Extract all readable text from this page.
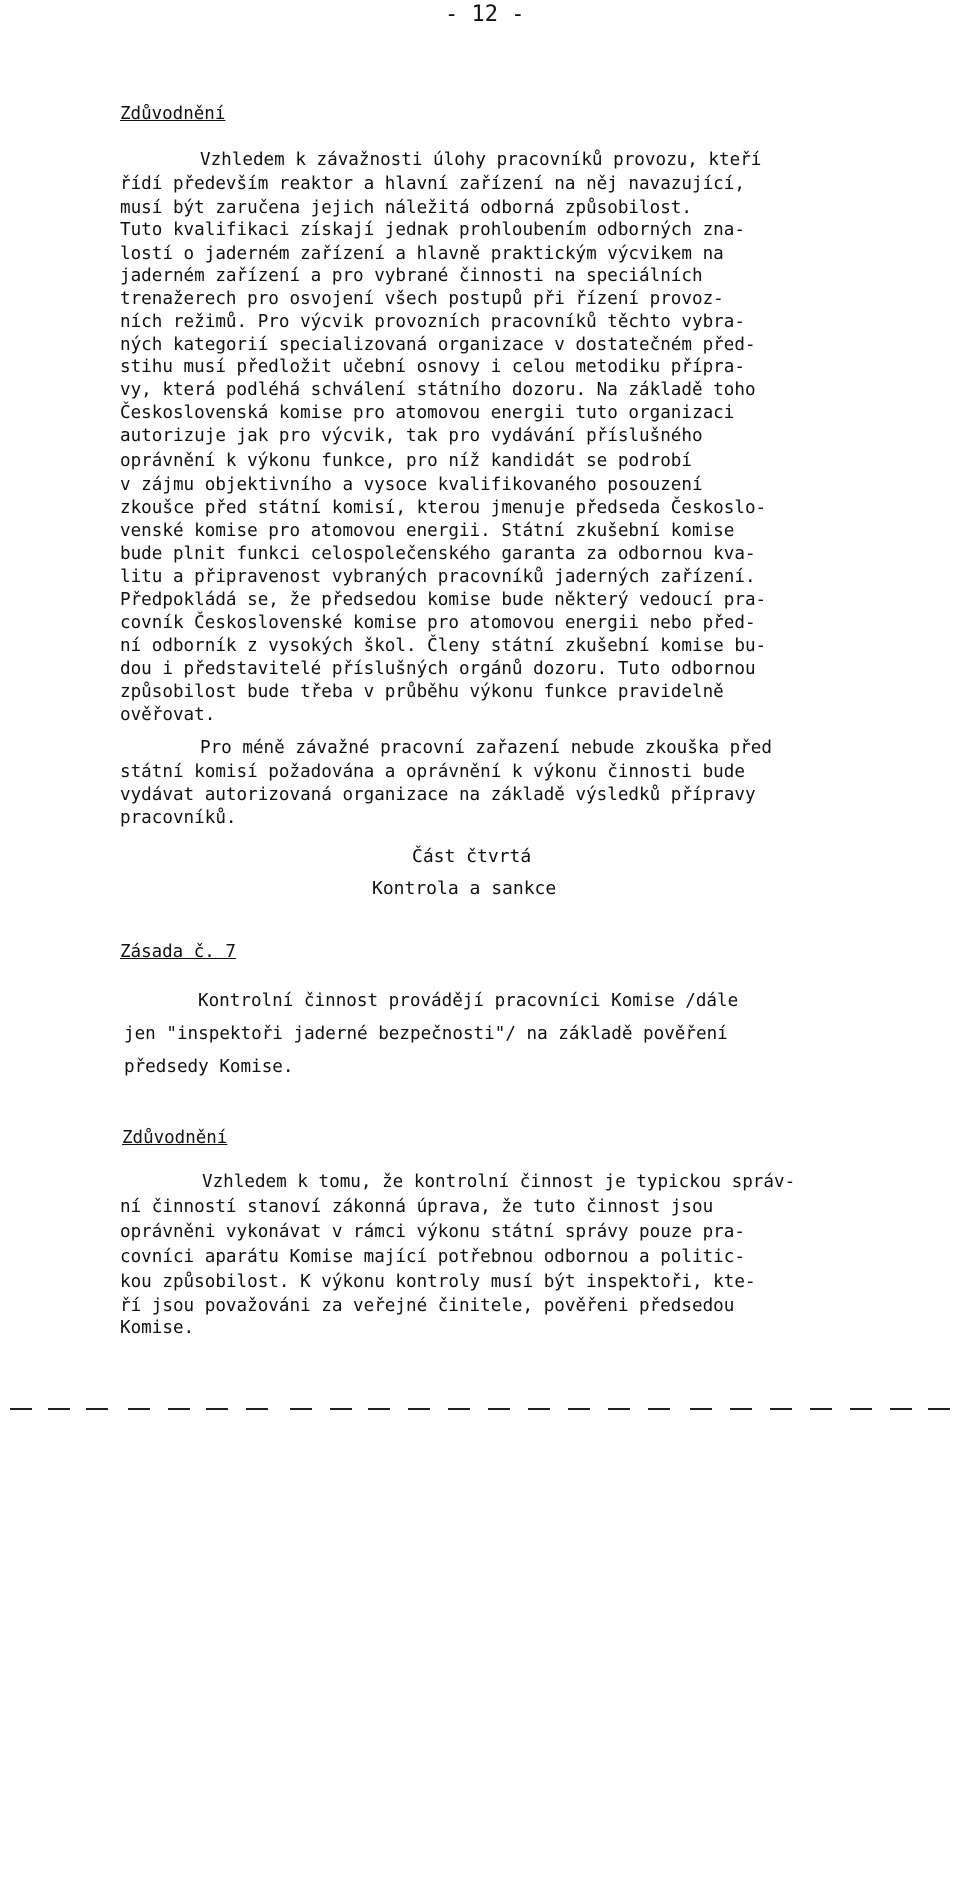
- 12 -
Zdůvodnění
Vzhledem k závažnosti úlohy pracovníků provozu, kteří
řídí především reaktor a hlavní zařízení na něj navazující,
musí být zaručena jejich náležitá odborná způsobilost.
Tuto kvalifikaci získají jednak prohloubením odborných zna-
lostí o jaderném zařízení a hlavně praktickým výcvikem na
jaderném zařízení a pro vybrané činnosti na speciálních
trenažerech pro osvojení všech postupů při řízení provoz-
ních režimů. Pro výcvik provozních pracovníků těchto vybra-
ných kategorií specializovaná organizace v dostatečném před-
stihu musí předložit učební osnovy i celou metodiku přípra-
vy, která podléhá schválení státního dozoru. Na základě toho
Československá komise pro atomovou energii tuto organizaci
autorizuje jak pro výcvik, tak pro vydávání příslušného
oprávnění k výkonu funkce, pro níž kandidát se podrobí
v zájmu objektivního a vysoce kvalifikovaného posouzení
zkoušce před státní komisí, kterou jmenuje předseda Českoslo-
venské komise pro atomovou energii. Státní zkušební komise
bude plnit funkci celospolečenského garanta za odbornou kva-
litu a připravenost vybraných pracovníků jaderných zařízení.
Předpokládá se, že předsedou komise bude některý vedoucí pra-
covník Československé komise pro atomovou energii nebo před-
ní odborník z vysokých škol. Členy státní zkušební komise bu-
dou i představitelé příslušných orgánů dozoru. Tuto odbornou
způsobilost bude třeba v průběhu výkonu funkce pravidelně
ověřovat.
Pro méně závažné pracovní zařazení nebude zkouška před
státní komisí požadována a oprávnění k výkonu činnosti bude
vydávat autorizovaná organizace na základě výsledků přípravy
pracovníků.
Část čtvrtá
Kontrola a sankce
Zásada č. 7
Kontrolní činnost provádějí pracovníci Komise /dále
jen "inspektoři jaderné bezpečnosti"/ na základě pověření
předsedy Komise.
Zdůvodnění
Vzhledem k tomu, že kontrolní činnost je typickou správ-
ní činností stanoví zákonná úprava, že tuto činnost jsou
oprávněni vykonávat v rámci výkonu státní správy pouze pra-
covníci aparátu Komise mající potřebnou odbornou a politic-
kou způsobilost. K výkonu kontroly musí být inspektoři, kte-
ří jsou považováni za veřejné činitele, pověřeni předsedou
Komise.
